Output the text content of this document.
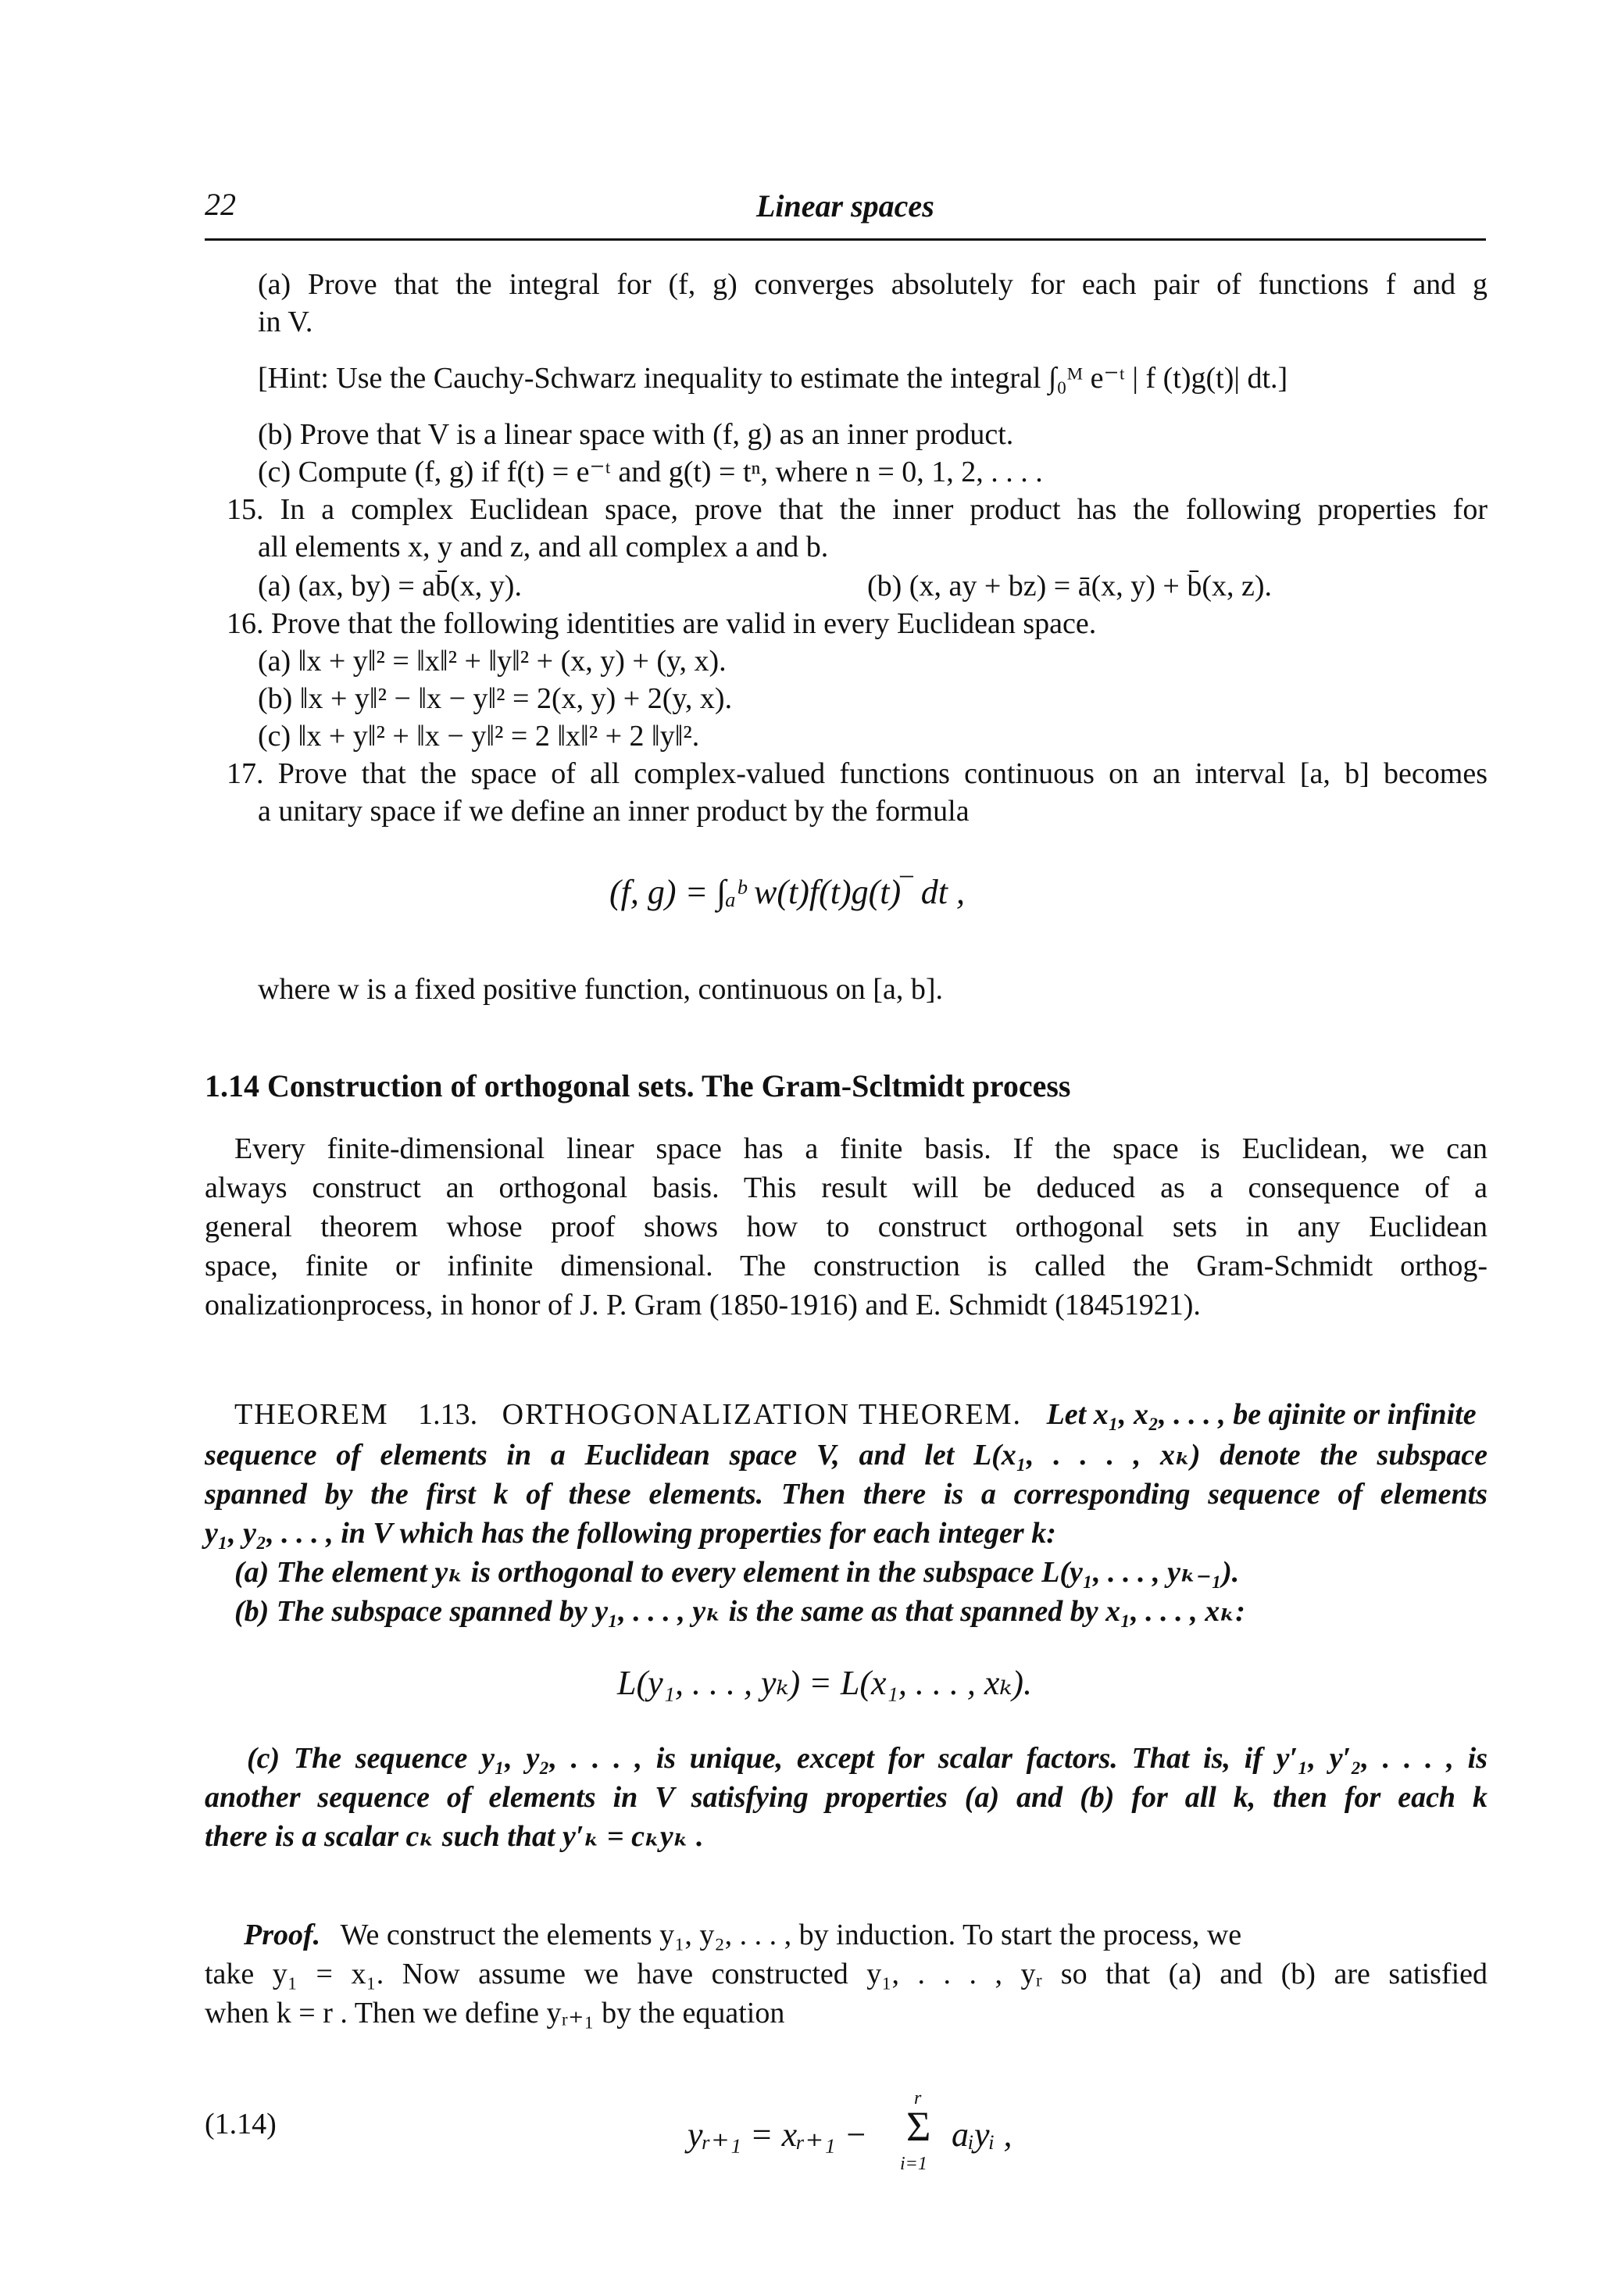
22	Linear spaces
(a) Prove that the integral for (f, g) converges absolutely for each pair of functions f and g
in V.
[Hint: Use the Cauchy-Schwarz inequality to estimate the integral ∫₀ᴹ e⁻ᵗ | f (t)g(t)| dt.]
(b) Prove that V is a linear space with (f, g) as an inner product.
(c) Compute (f, g) if f(t) = e⁻ᵗ and g(t) = tⁿ, where n = 0, 1, 2, . . . .
15. In a complex Euclidean space, prove that the inner product has the following properties for
all elements x, y and z, and all complex a and b.
(a) (ax, by) = ab̄(x, y).	(b) (x, ay + bz) = ā(x, y) + b̄(x, z).
16. Prove that the following identities are valid in every Euclidean space.
(a) ‖x + y‖² = ‖x‖² + ‖y‖² + (x, y) + (y, x).
(b) ‖x + y‖² − ‖x − y‖² = 2(x, y) + 2(y, x).
(c) ‖x + y‖² + ‖x − y‖² = 2 ‖x‖² + 2 ‖y‖².
17. Prove that the space of all complex-valued functions continuous on an interval [a, b] becomes
a unitary space if we define an inner product by the formula
(f, g) = ∫ₐᵇ w(t)f(t)g(t)‾ dt ,
where w is a fixed positive function, continuous on [a, b].
1.14 Construction of orthogonal sets. The Gram-Scltmidt process
Every finite-dimensional linear space has a finite basis. If the space is Euclidean, we can
always construct an orthogonal basis. This result will be deduced as a consequence of a
general theorem whose proof shows how to construct orthogonal sets in any Euclidean
space, finite or infinite dimensional. The construction is called the Gram-Schmidt orthog-
onalizationprocess, in honor of J. P. Gram (1850-1916) and E. Schmidt (18451921).
THEOREM 1.13. ORTHOGONALIZATION THEOREM. Let x₁, x₂, . . . , be ajinite or infinite
sequence of elements in a Euclidean space V, and let L(x₁, . . . , xₖ) denote the subspace
spanned by the first k of these elements. Then there is a corresponding sequence of elements
y₁, y₂, . . . , in V which has the following properties for each integer k:
(a) The element yₖ is orthogonal to every element in the subspace L(y₁, . . . , yₖ₋₁).
(b) The subspace spanned by y₁, . . . , yₖ is the same as that spanned by x₁, . . . , xₖ:
L(y₁, . . . , yₖ) = L(x₁, . . . , xₖ).
(c) The sequence y₁, y₂, . . . , is unique, except for scalar factors. That is, if y′₁, y′₂, . . . , is
another sequence of elements in V satisfying properties (a) and (b) for all k, then for each k
there is a scalar cₖ such that y′ₖ = cₖyₖ .
Proof. We construct the elements y₁, y₂, . . . , by induction. To start the process, we
take y₁ = x₁. Now assume we have constructed y₁, . . . , yᵣ so that (a) and (b) are satisfied
when k = r . Then we define yᵣ₊₁ by the equation
(1.14)	yᵣ₊₁ = xᵣ₊₁ −
r
Σ
i=1
aᵢyᵢ ,
